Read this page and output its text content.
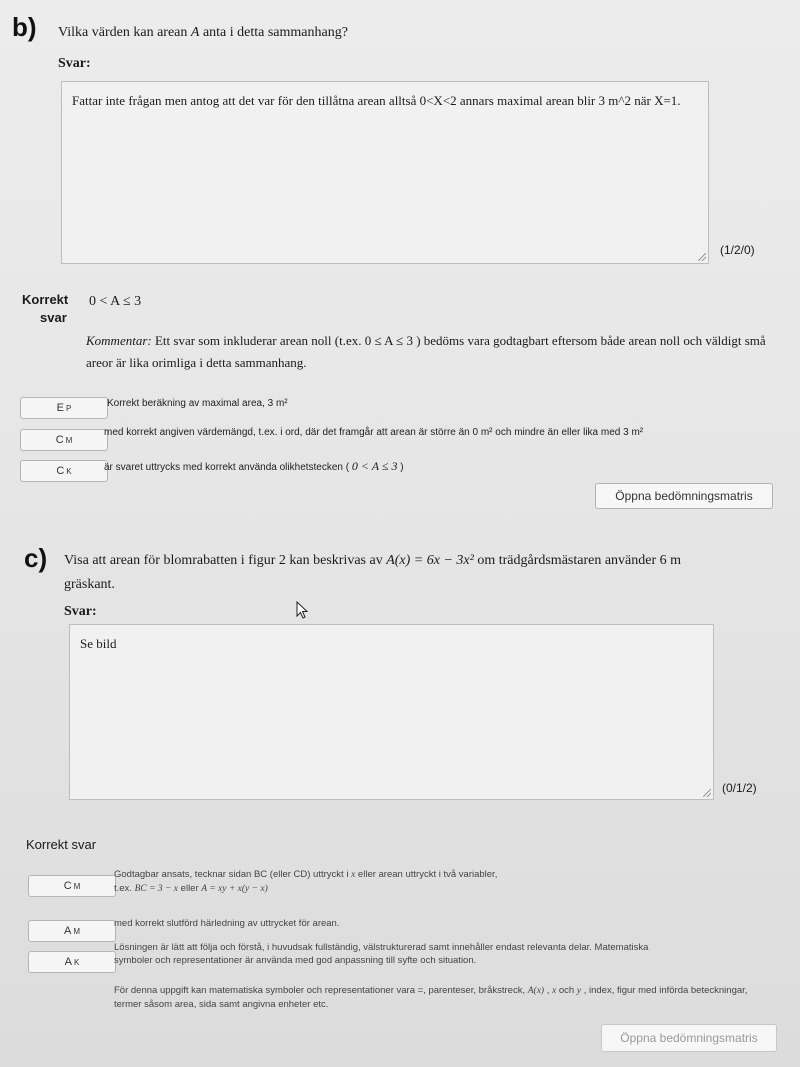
b) Vilka värden kan arean A anta i detta sammanhang?
Svar:
Fattar inte frågan men antog att det var för den tillåtna arean alltså 0<X<2 annars maximal arean blir 3 m^2 när X=1.
(1/2/0)
Korrekt
svar
0 < A ≤ 3
Kommentar: Ett svar som inkluderar arean noll (t.ex. 0 ≤ A ≤ 3 ) bedöms vara godtagbart eftersom både arean noll och väldigt små areor är lika orimliga i detta sammanhang.
E P	Korrekt beräkning av maximal area, 3 m²
C M
med korrekt angiven värdemängd, t.ex. i ord, där det framgår att arean är större än 0 m² och mindre än eller lika med 3 m²
C K	är svaret uttrycks med korrekt använda olikhetstecken ( 0 < A ≤ 3 )
Öppna bedömningsmatris
c) Visa att arean för blomrabatten i figur 2 kan beskrivas av A(x) = 6x − 3x² om trädgårdsmästaren använder 6 m gräskant.
Svar:
Se bild
(0/1/2)
Korrekt svar
C M
Godtagbar ansats, tecknar sidan BC (eller CD) uttryckt i x eller arean uttryckt i två variabler, t.ex. BC = 3 − x eller A = xy + x(y − x)
A M
med korrekt slutförd härledning av uttrycket för arean.
A K
Lösningen är lätt att följa och förstå, i huvudsak fullständig, välstrukturerad samt innehåller endast relevanta delar. Matematiska symboler och representationer är använda med god anpassning till syfte och situation.
För denna uppgift kan matematiska symboler och representationer vara =, parenteser, bråkstreck, A(x) , x och y , index, figur med införda beteckningar, termer såsom area, sida samt angivna enheter etc.
Öppna bedömningsmatris
